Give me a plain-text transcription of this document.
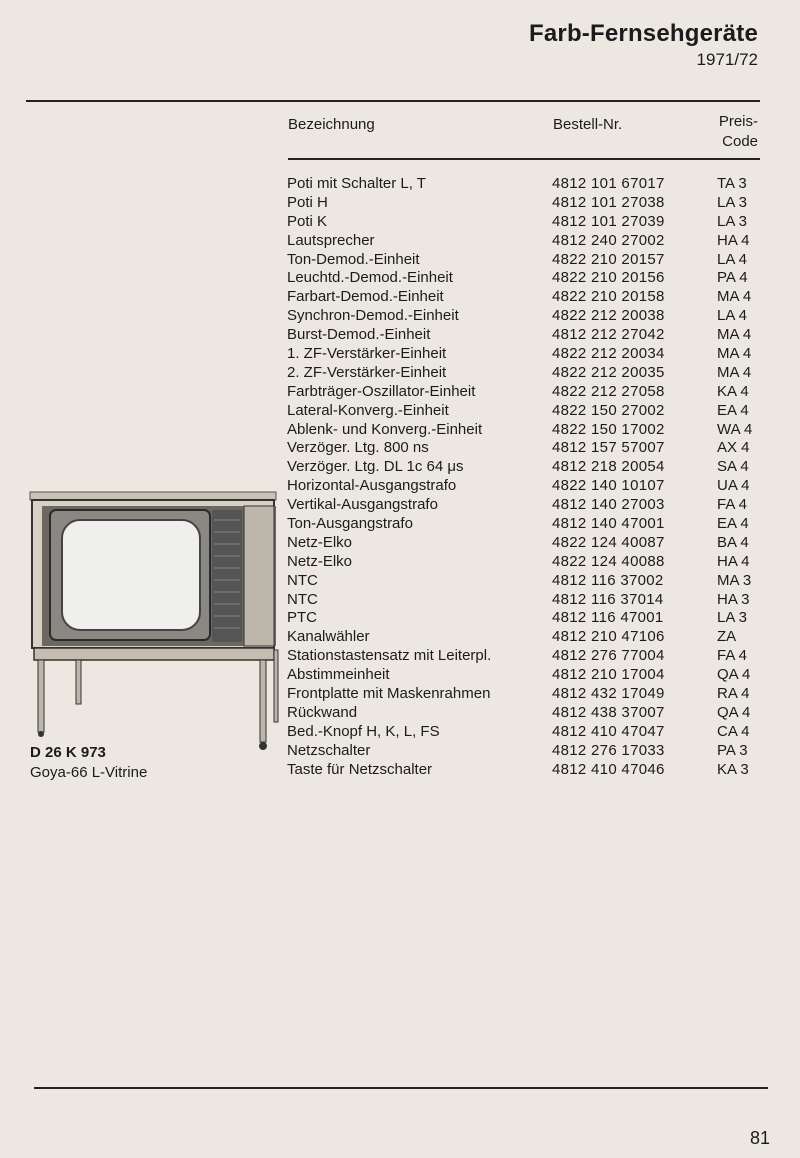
Farb-Fernsehgeräte
1971/72
Bezeichnung	Bestell-Nr.	Preis-
Code
Poti mit Schalter L, T	4812 101 67017	TA 3
Poti H	4812 101 27038	LA 3
Poti K	4812 101 27039	LA 3
Lautsprecher	4812 240 27002	HA 4
Ton-Demod.-Einheit	4822 210 20157	LA 4
Leuchtd.-Demod.-Einheit	4822 210 20156	PA 4
Farbart-Demod.-Einheit	4822 210 20158	MA 4
Synchron-Demod.-Einheit	4822 212 20038	LA 4
Burst-Demod.-Einheit	4812 212 27042	MA 4
1. ZF-Verstärker-Einheit	4822 212 20034	MA 4
2. ZF-Verstärker-Einheit	4822 212 20035	MA 4
Farbträger-Oszillator-Einheit	4822 212 27058	KA 4
Lateral-Konverg.-Einheit	4822 150 27002	EA 4
Ablenk- und Konverg.-Einheit	4822 150 17002	WA 4
Verzöger. Ltg. 800 ns	4812 157 57007	AX 4
Verzöger. Ltg. DL 1c 64 μs	4812 218 20054	SA 4
Horizontal-Ausgangstrafo	4822 140 10107	UA 4
Vertikal-Ausgangstrafo	4812 140 27003	FA 4
Ton-Ausgangstrafo	4812 140 47001	EA 4
Netz-Elko	4822 124 40087	BA 4
Netz-Elko	4822 124 40088	HA 4
NTC	4812 116 37002	MA 3
NTC	4812 116 37014	HA 3
PTC	4812 116 47001	LA 3
Kanalwähler	4812 210 47106	ZA
Stationstastensatz mit Leiterpl.	4812 276 77004	FA 4
Abstimmeinheit	4812 210 17004	QA 4
Frontplatte mit Maskenrahmen	4812 432 17049	RA 4
Rückwand	4812 438 37007	QA 4
Bed.-Knopf H, K, L, FS	4812 410 47047	CA 4
Netzschalter	4812 276 17033	PA 3
Taste für Netzschalter	4812 410 47046	KA 3
D 26 K 973
Goya-66 L-Vitrine
81
